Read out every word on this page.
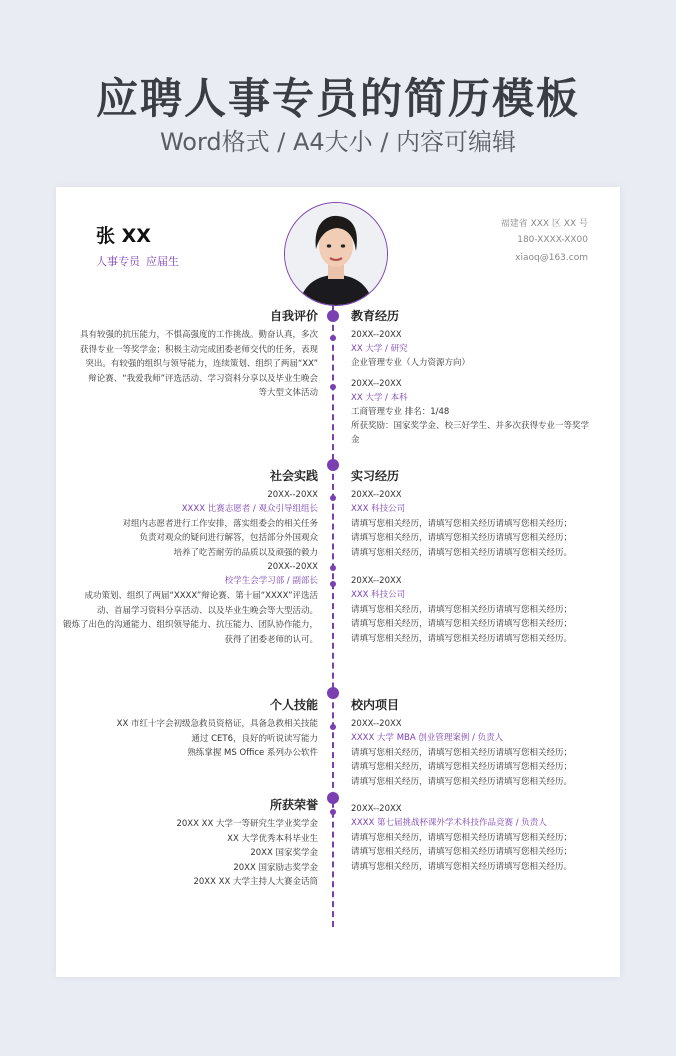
应聘人事专员的简历模板
Word格式 / A4大小 / 内容可编辑
张 XX
人事专员 应届生
福建省 XXX 区 XX 号
180-XXXX-XX00
xiaoq@163.com
自我评价
具有较强的抗压能力，不惧高强度的工作挑战。勤奋认真，多次
获得专业一等奖学金；积极主动完成团委老师交代的任务，表现
突出。有较强的组织与领导能力，连续策划、组织了两届“XX”
辩论赛、“我爱我师”评选活动、学习资料分享以及毕业生晚会
等大型文体活动
教育经历
20XX--20XX
XX 大学 / 研究
企业管理专业（人力资源方向）
20XX--20XX
XX 大学 / 本科
工商管理专业 排名：1/48
所获奖励：国家奖学金、校三好学生、并多次获得专业一等奖学
金
社会实践
20XX--20XX
XXXX 比赛志愿者 / 观众引导组组长
对组内志愿者进行工作安排，落实组委会的相关任务
负责对观众的疑问进行解答，包括部分外国观众
培养了吃苦耐劳的品质以及顽强的毅力
20XX--20XX
校学生会学习部 / 副部长
成功策划、组织了两届“XXXX”辩论赛、第十届“XXXX”评选活
动、首届学习资料分享活动、以及毕业生晚会等大型活动。
锻炼了出色的沟通能力、组织领导能力、抗压能力、团队协作能力，
获得了团委老师的认可。
实习经历
20XX--20XX
XXX 科技公司
请填写您相关经历，请填写您相关经历请填写您相关经历；
请填写您相关经历，请填写您相关经历请填写您相关经历；
请填写您相关经历，请填写您相关经历请填写您相关经历。
20XX--20XX
XXX 科技公司
请填写您相关经历，请填写您相关经历请填写您相关经历；
请填写您相关经历，请填写您相关经历请填写您相关经历；
请填写您相关经历，请填写您相关经历请填写您相关经历。
个人技能
XX 市红十字会初级急救员资格证，具备急救相关技能
通过 CET6，良好的听说读写能力
熟练掌握 MS Office 系列办公软件
校内项目
20XX--20XX
XXXX 大学 MBA 创业管理案例 / 负责人
请填写您相关经历，请填写您相关经历请填写您相关经历；
请填写您相关经历，请填写您相关经历请填写您相关经历；
请填写您相关经历，请填写您相关经历请填写您相关经历。
20XX--20XX
XXXX 第七届挑战杯课外学术科技作品竞赛 / 负责人
请填写您相关经历，请填写您相关经历请填写您相关经历；
请填写您相关经历，请填写您相关经历请填写您相关经历；
请填写您相关经历，请填写您相关经历请填写您相关经历。
所获荣誉
20XX XX 大学一等研究生学业奖学金
XX 大学优秀本科毕业生
20XX 国家奖学金
20XX 国家励志奖学金
20XX XX 大学主持人大赛金话筒
